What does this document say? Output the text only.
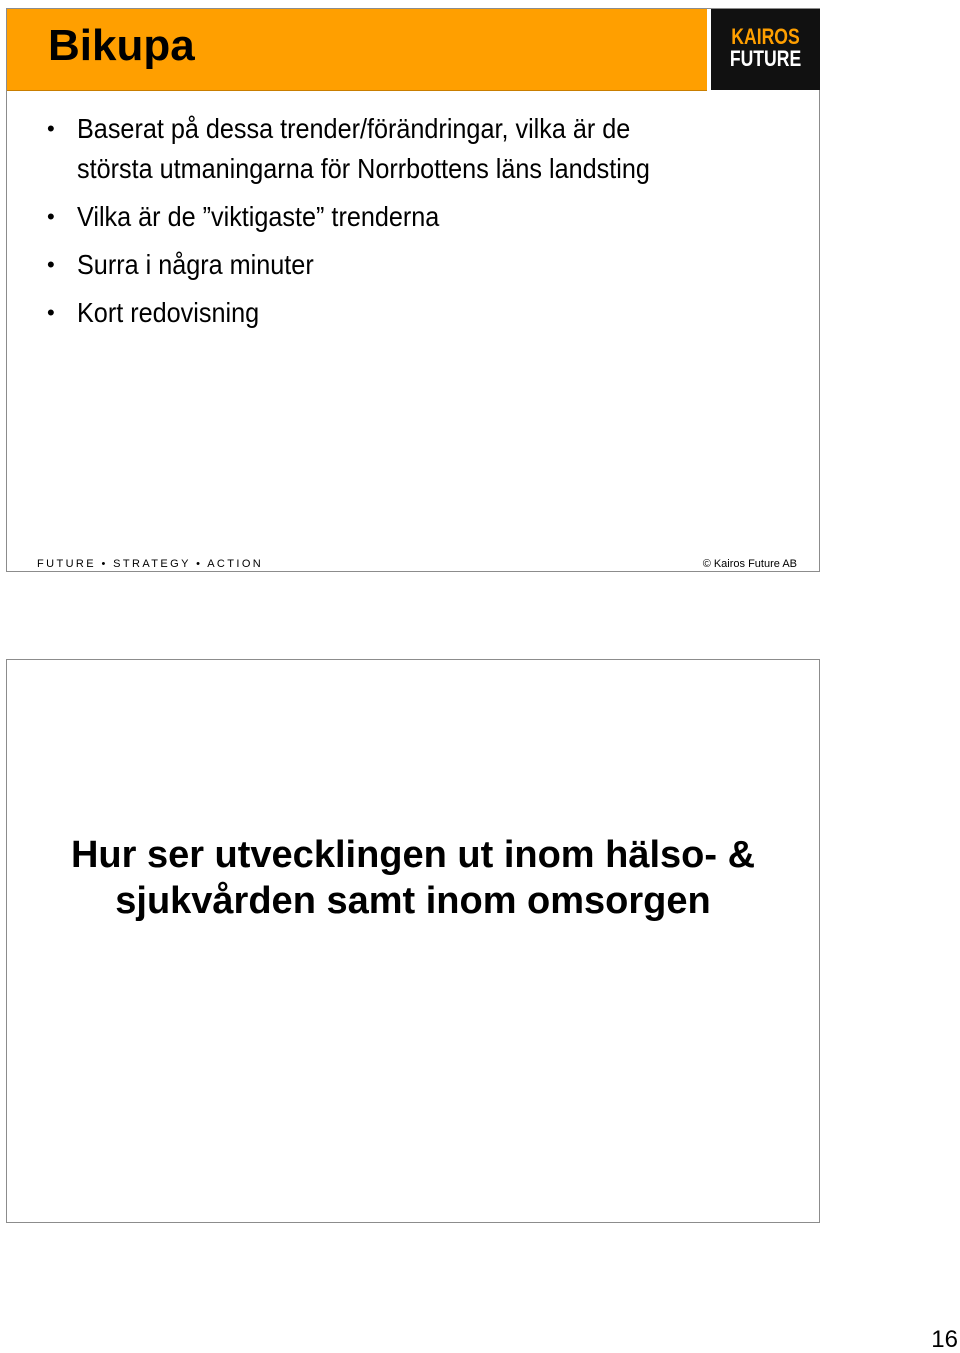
Bikupa	KAIROS
FUTURE
• Baserat på dessa trender/förändringar, vilka är de
största utmaningarna för Norrbottens läns landsting
• Vilka är de ”viktigaste” trenderna
• Surra i några minuter
• Kort redovisning
FUTURE • STRATEGY • ACTION	© Kairos Future AB
Hur ser utvecklingen ut inom hälso- &
sjukvården samt inom omsorgen
16
